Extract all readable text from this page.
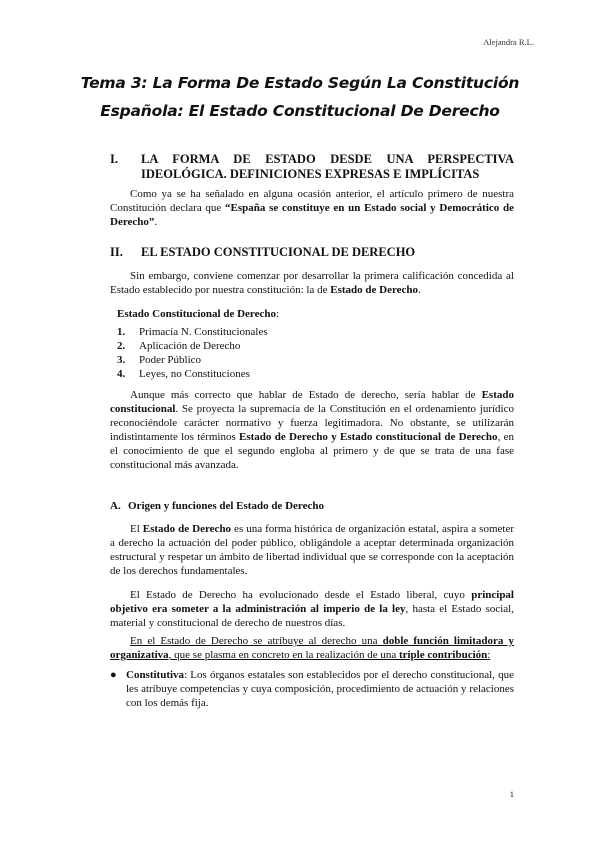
Alejandra R.L.
Tema 3: La Forma De Estado Según La Constitución
Española: El Estado Constitucional De Derecho
I. LA FORMA DE ESTADO DESDE UNA PERSPECTIVA
IDEOLÓGICA. DEFINICIONES EXPRESAS E IMPLÍCITAS

Como ya se ha señalado en alguna ocasión anterior, el artículo primero de nuestra Constitución declara que “España se constituye en un Estado social y Democrático de Derecho”.

II. EL ESTADO CONSTITUCIONAL DE DERECHO

Sin embargo, conviene comenzar por desarrollar la primera calificación concedida al Estado establecido por nuestra constitución: la de Estado de Derecho.

Estado Constitucional de Derecho:
1. Primacía N. Constitucionales
2. Aplicación de Derecho
3. Poder Público
4. Leyes, no Constituciones

Aunque más correcto que hablar de Estado de derecho, sería hablar de Estado constitucional. Se proyecta la supremacía de la Constitución en el ordenamiento jurídico reconociéndole carácter normativo y fuerza legitimadora. No obstante, se utilizarán indistintamente los términos Estado de Derecho y Estado constitucional de Derecho, en el conocimiento de que el segundo engloba al primero y de que se trata de una fase constitucional más avanzada.

A. Origen y funciones del Estado de Derecho

El Estado de Derecho es una forma histórica de organización estatal, aspira a someter a derecho la actuación del poder público, obligándole a aceptar determinada organización estructural y respetar un ámbito de libertad individual que se corresponde con la aceptación de los derechos fundamentales.

El Estado de Derecho ha evolucionado desde el Estado liberal, cuyo principal objetivo era someter a la administración al imperio de la ley, hasta el Estado social, material y constitucional de derecho de nuestros días.

En el Estado de Derecho se atribuye al derecho una doble función limitadora y organizativa, que se plasma en concreto en la realización de una triple contribución:

● Constitutiva: Los órganos estatales son establecidos por el derecho constitucional, que les atribuye competencias y cuya composición, procedimiento de actuación y relaciones con los demás fija.

1
